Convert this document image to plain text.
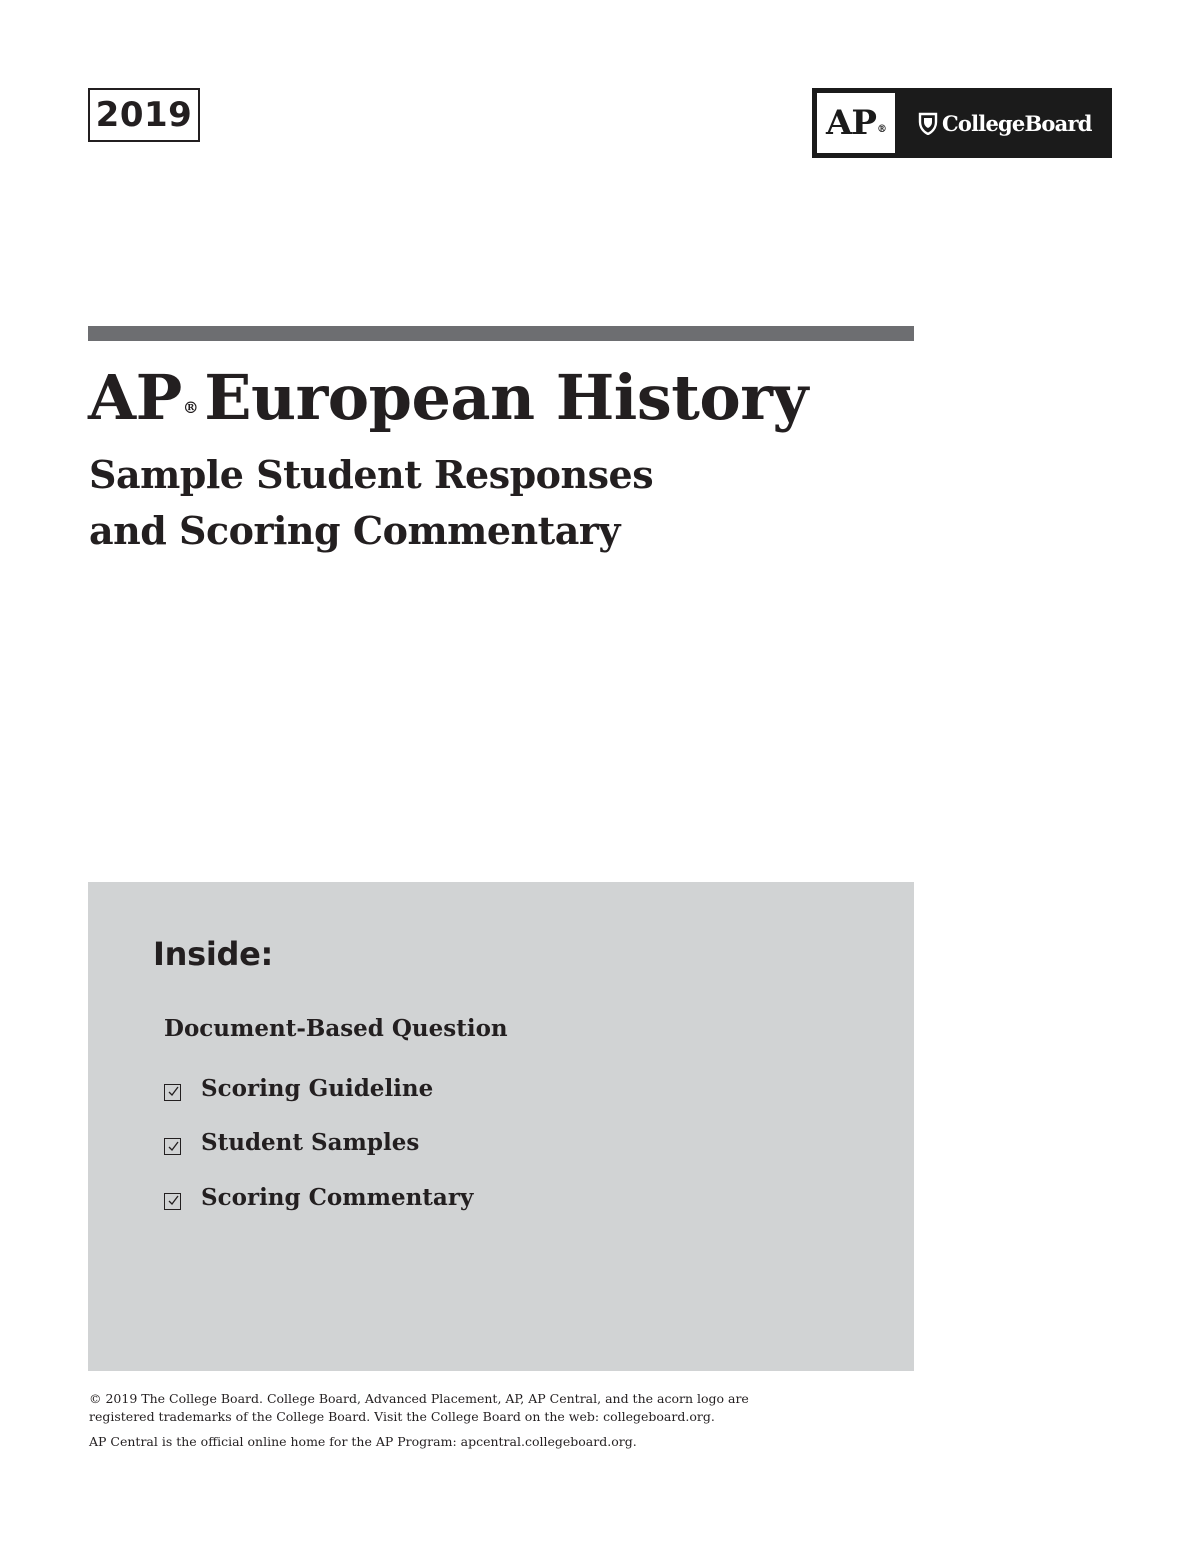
2019	AP®	CollegeBoard
AP®European History
Sample Student Responses
and Scoring Commentary
Inside:
Document-Based Question
Scoring Guideline
Student Samples
Scoring Commentary

© 2019 The College Board. College Board, Advanced Placement, AP, AP Central, and the acorn logo are

registered trademarks of the College Board. Visit the College Board on the web: collegeboard.org.

AP Central is the official online home for the AP Program: apcentral.collegeboard.org.
